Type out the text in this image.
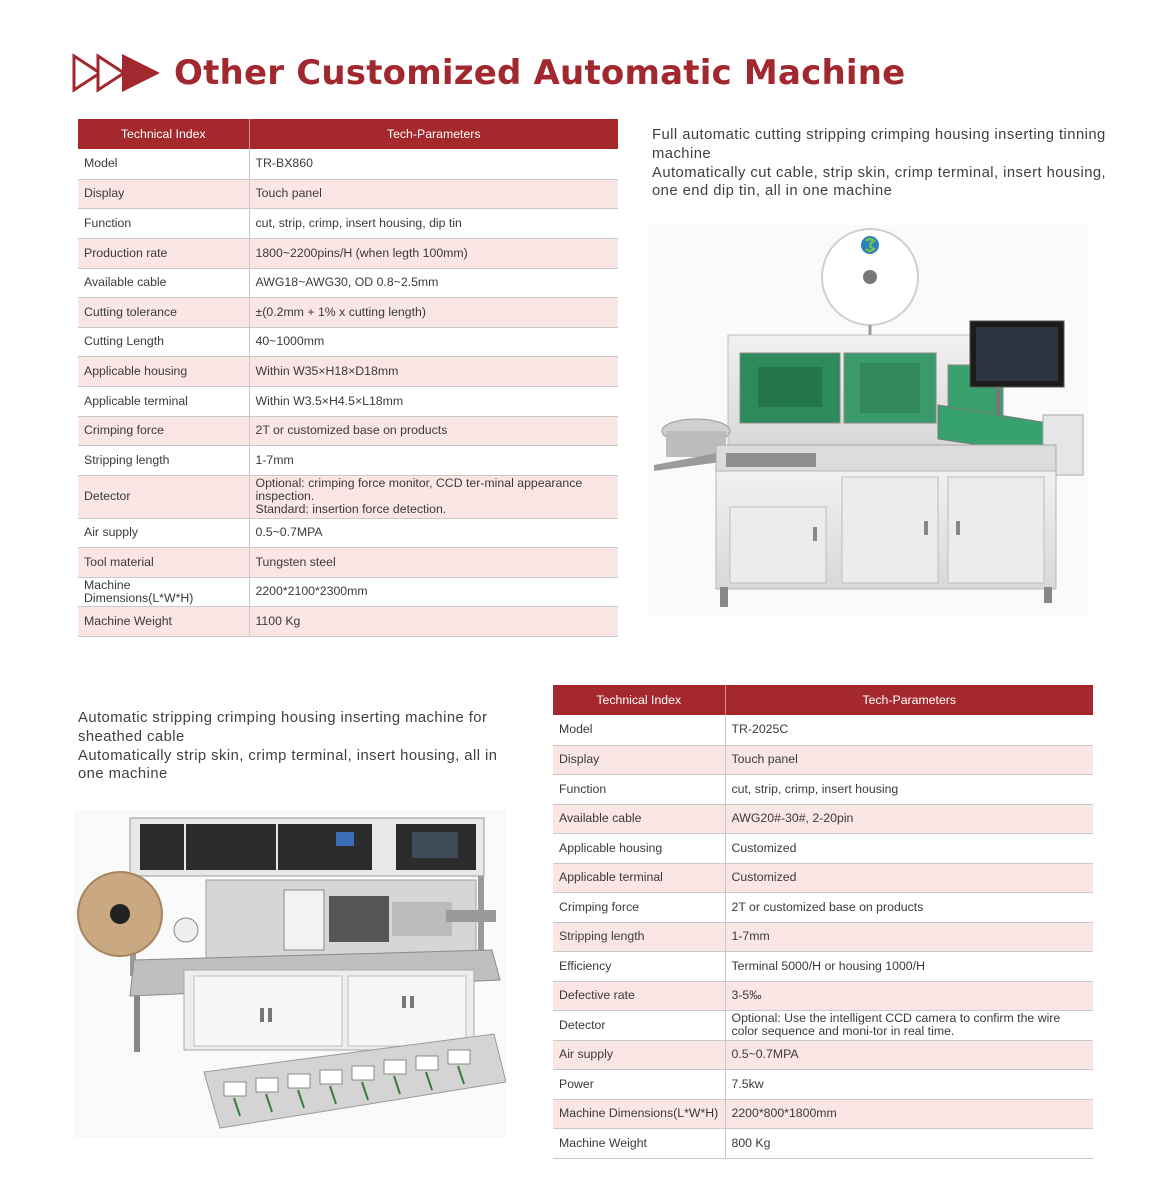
Other Customized Automatic Machine
Technical Index	Tech-Parameters
Model	TR-BX860

Display	Touch panel

Function	cut, strip, crimp, insert housing, dip tin

Production rate	1800~2200pins/H (when legth 100mm)

Available cable	AWG18~AWG30, OD 0.8~2.5mm

Cutting tolerance	±(0.2mm + 1% x cutting length)

Cutting Length	40~1000mm

Applicable housing	Within W35×H18×D18mm

Applicable terminal	Within W3.5×H4.5×L18mm

Crimping force	2T or customized base on products

Stripping length	1-7mm

Detector	Optional: crimping force monitor, CCD ter-minal appearance inspection.
Standard: insertion force detection.

Air supply	0.5~0.7MPA

Tool material	Tungsten steel

Machine Dimensions(L*W*H)	2200*2100*2300mm

Machine Weight	1100 Kg

Full automatic cutting stripping crimping housing inserting tinning machine

Automatically cut cable, strip skin, crimp terminal, insert housing, one end dip tin, all in one machine

Automatic stripping crimping housing inserting machine for sheathed cable

Automatically strip skin, crimp terminal, insert housing, all in one machine

Technical Index	Tech-Parameters
Model	TR-2025C

Display	Touch panel

Function	cut, strip, crimp, insert housing

Available cable	AWG20#-30#, 2-20pin

Applicable housing	Customized

Applicable terminal	Customized

Crimping force	2T or customized base on products

Stripping length	1-7mm

Efficiency	Terminal 5000/H or housing 1000/H

Defective rate	3-5‰

Detector	Optional: Use the intelligent CCD camera to confirm the wire color sequence and moni-tor in real time.

Air supply	0.5~0.7MPA

Power	7.5kw

Machine Dimensions(L*W*H)	2200*800*1800mm

Machine Weight	800 Kg
